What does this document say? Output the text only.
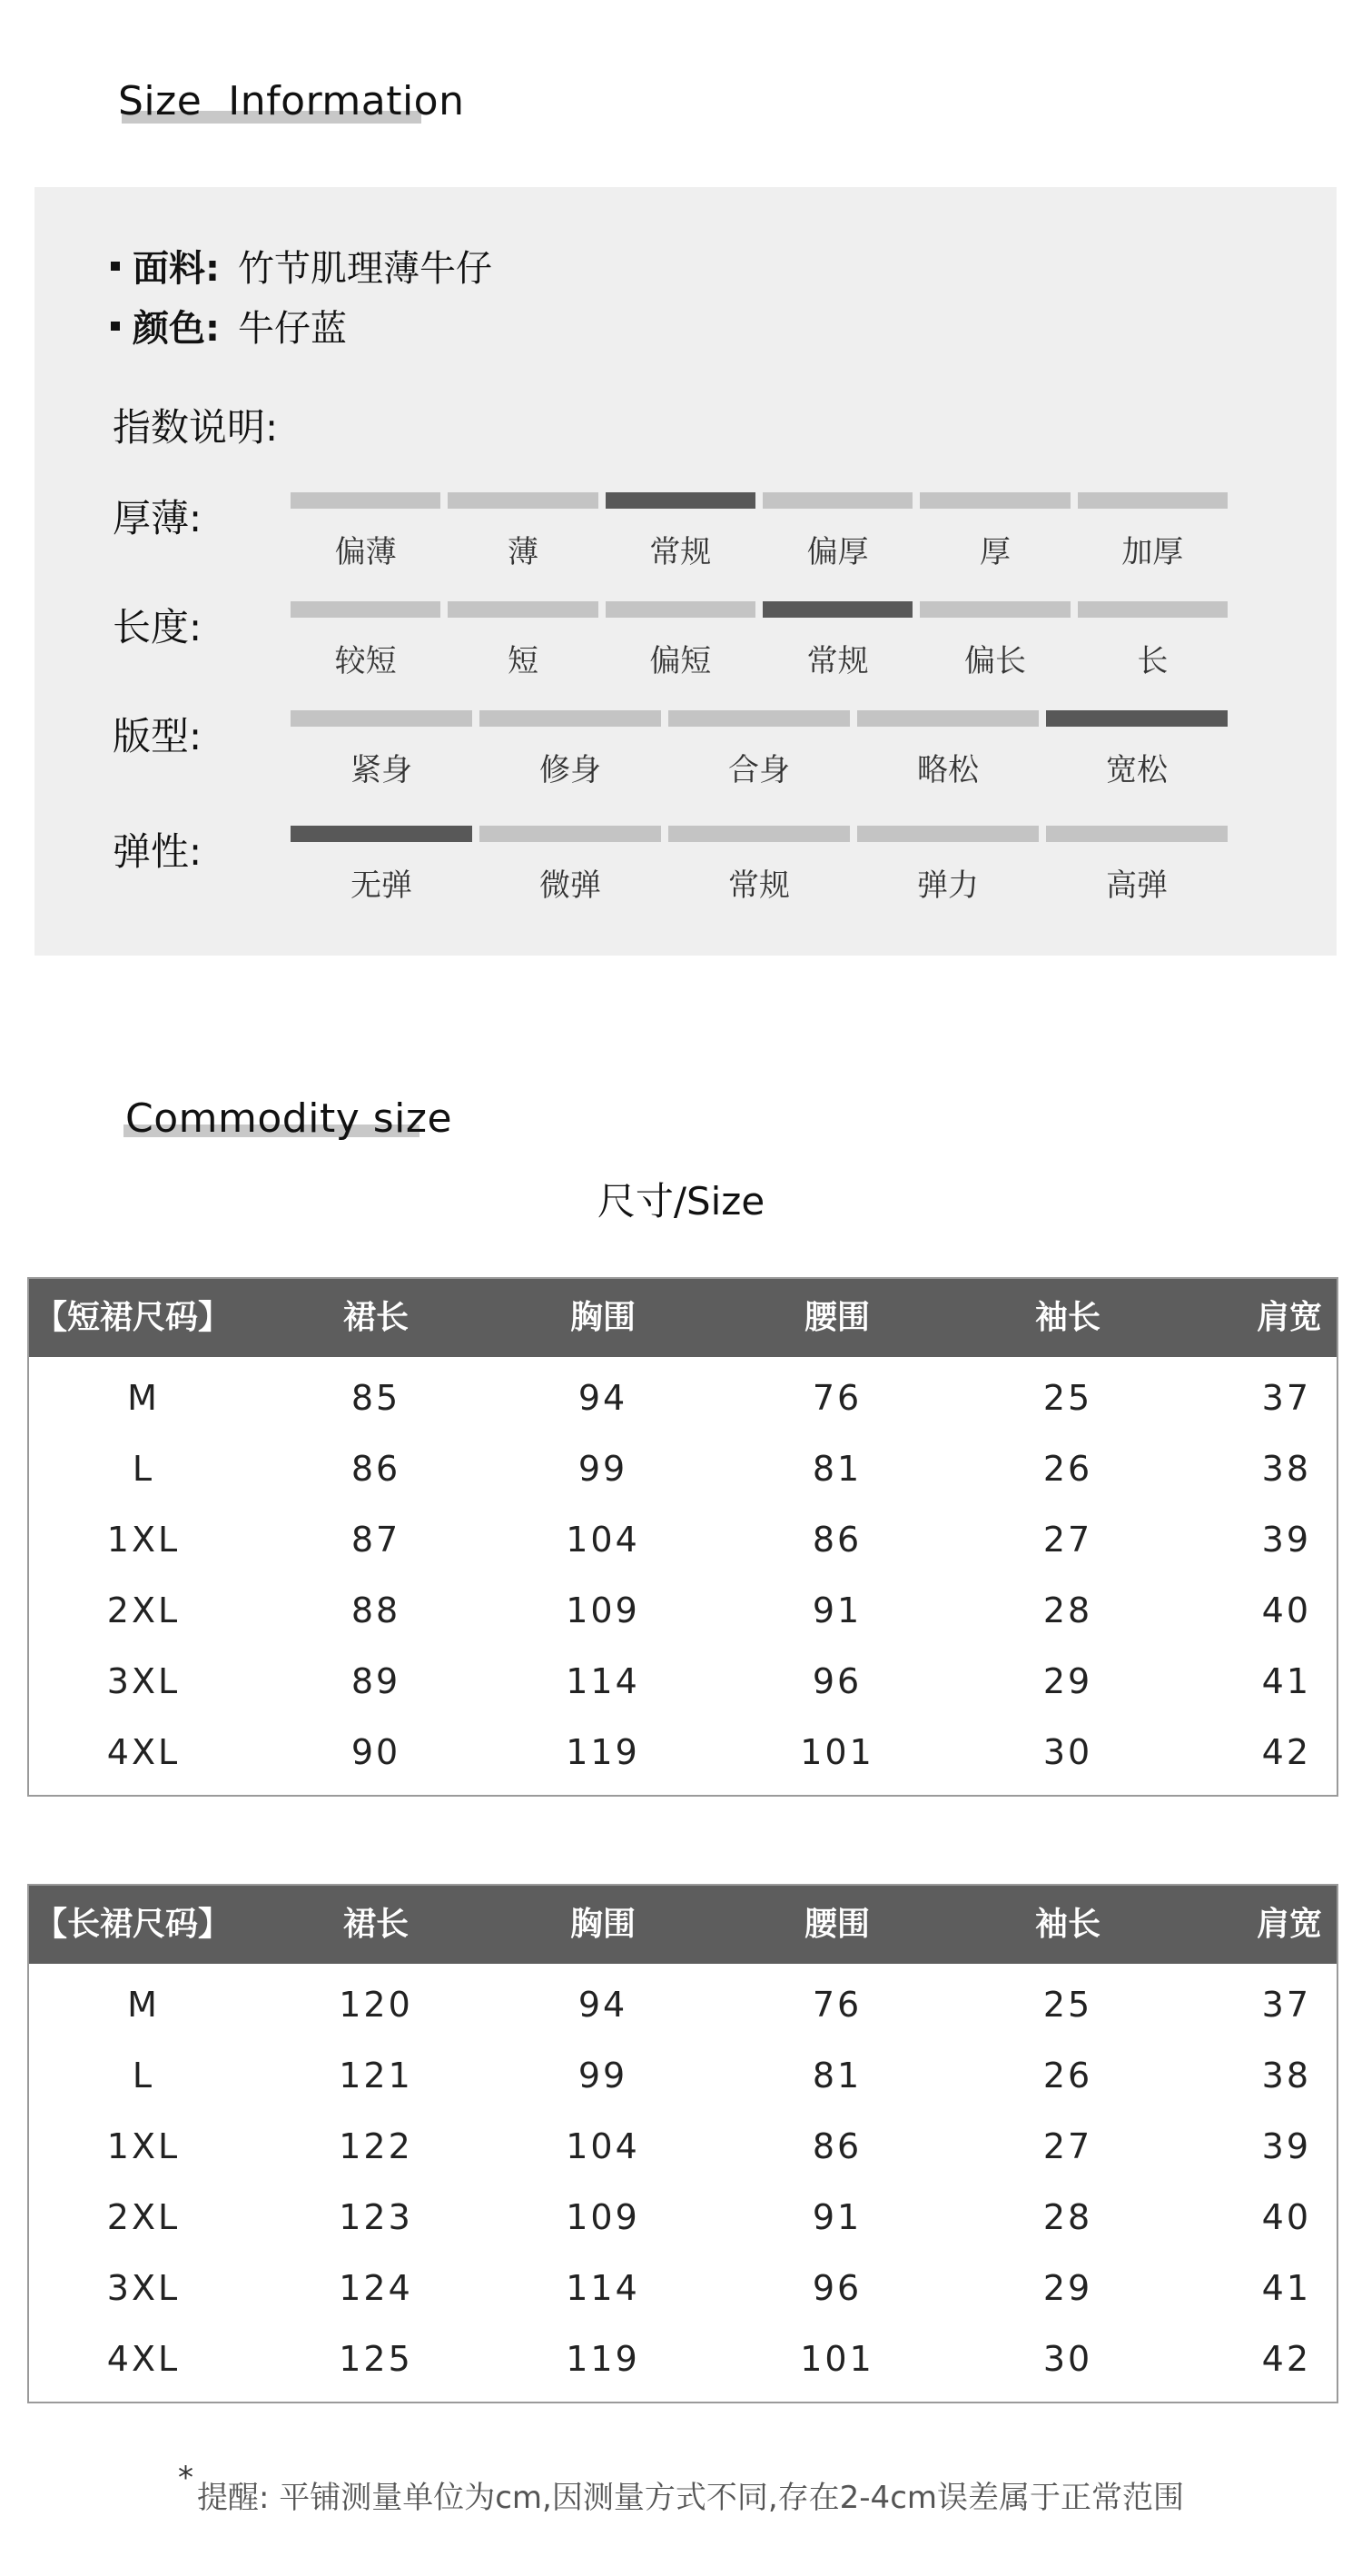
Size  Information
面料: 竹节肌理薄牛仔
颜色: 牛仔蓝
指数说明:
厚薄:
偏薄	薄	常规	偏厚	厚	加厚
长度:
较短	短	偏短	常规	偏长	长
版型:
紧身	修身	合身	略松	宽松
弹性:
无弹	微弹	常规	弹力	高弹
Commodity size
尺寸/Size
【短裙尺码】	裙长	胸围	腰围	袖长	肩宽
M	85	94	76	25	37
L	86	99	81	26	38
1XL	87	104	86	27	39
2XL	88	109	91	28	40
3XL	89	114	96	29	41
4XL	90	119	101	30	42
【长裙尺码】	裙长	胸围	腰围	袖长	肩宽
M	120	94	76	25	37
L	121	99	81	26	38
1XL	122	104	86	27	39
2XL	123	109	91	28	40
3XL	124	114	96	29	41
4XL	125	119	101	30	42
*提醒: 平铺测量单位为cm,因测量方式不同,存在2-4cm误差属于正常范围
